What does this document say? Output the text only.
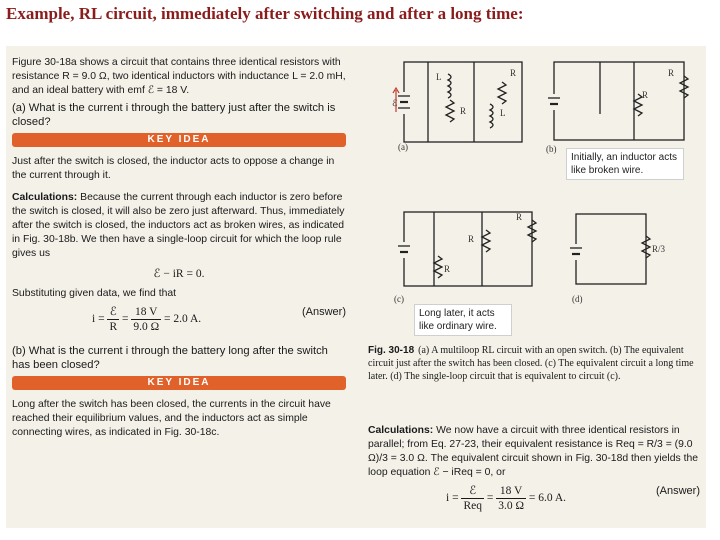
Example, RL circuit, immediately after switching and after a long time:

Figure 30-18a shows a circuit that contains three identical resistors with resistance R = 9.0 Ω, two identical inductors with inductance L = 2.0 mH, and an ideal battery with emf ℰ = 18 V.

(a) What is the current i through the battery just after the switch is closed?

KEY IDEA

Just after the switch is closed, the inductor acts to oppose a change in the current through it.

Calculations: Because the current through each inductor is zero before the switch is closed, it will also be zero just afterward. Thus, immediately after the switch is closed, the inductors act as broken wires, as indicated in Fig. 30-18b. We then have a single-loop circuit for which the loop rule gives us

ℰ − iR = 0.

Substituting given data, we find that

$i = \frac{\text{ℰ}}{R} = \frac{18 V}{9.0 \Omega} = 2.0$ A.
(Answer)

(b) What is the current i through the battery long after the switch has been closed?

KEY IDEA

Long after the switch has been closed, the currents in the circuit have reached their equilibrium values, and the inductors act as simple connecting wires, as indicated in Fig. 30-18c.

ℰ
L	R
R	L
(a)
R
R
(b)
Initially, an inductor acts like broken wire.
R
R
R
(c)
Long later, it acts like ordinary wire.
R/3
(d)
Fig. 30-18 (a) A multiloop RL circuit with an open switch. (b) The equivalent circuit just after the switch has been closed. (c) The equivalent circuit a long time later. (d) The single-loop circuit that is equivalent to circuit (c).

Calculations: We now have a circuit with three identical resistors in parallel; from Eq. 27-23, their equivalent resistance is Req = R/3 = (9.0 Ω)/3 = 3.0 Ω. The equivalent circuit shown in Fig. 30-18d then yields the loop equation ℰ − iReq = 0, or

$i = \frac{\text{ℰ}}{\text{Req}} = \frac{18 V}{3.0 \Omega} = 6.0$ A.
(Answer)
